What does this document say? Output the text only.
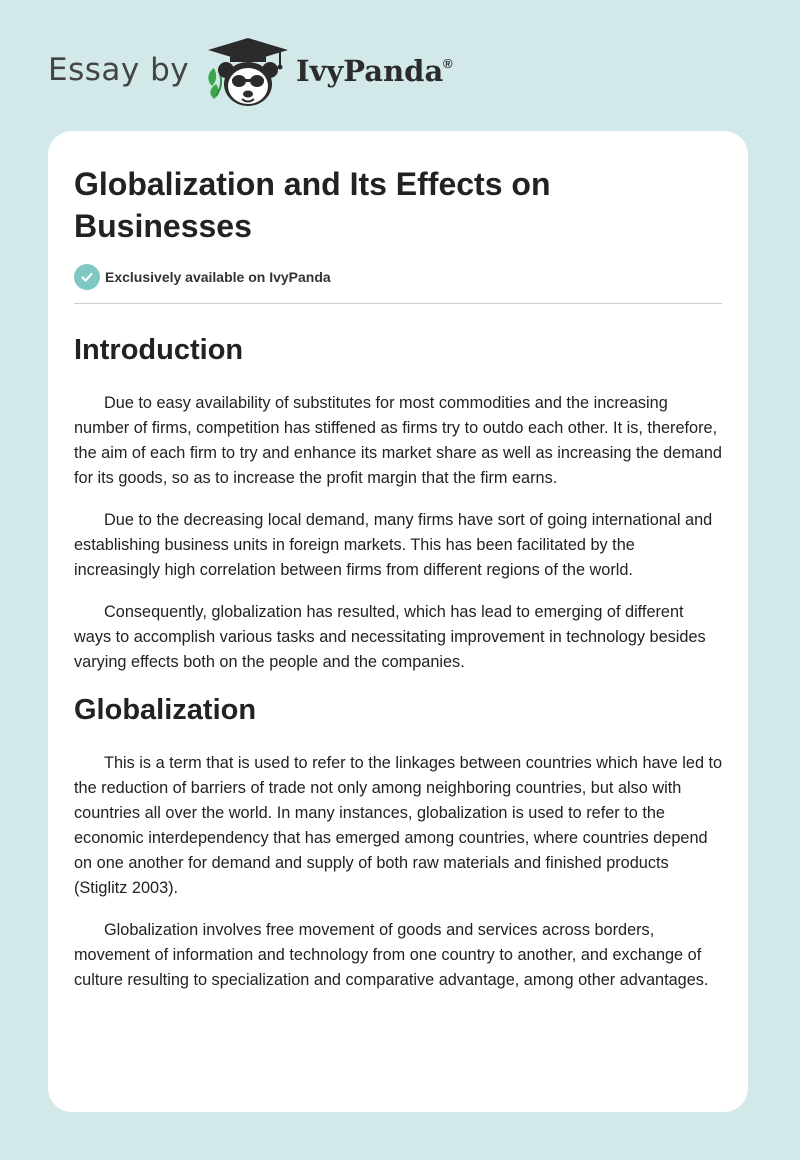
Essay by	IvyPanda ®
Globalization and Its Effects on Businesses
Exclusively available on IvyPanda
Introduction

Due to easy availability of substitutes for most commodities and the increasing number of firms, competition has stiffened as firms try to outdo each other. It is, therefore, the aim of each firm to try and enhance its market share as well as increasing the demand for its goods, so as to increase the profit margin that the firm earns.

Due to the decreasing local demand, many firms have sort of going international and establishing business units in foreign markets. This has been facilitated by the increasingly high correlation between firms from different regions of the world.

Consequently, globalization has resulted, which has lead to emerging of different ways to accomplish various tasks and necessitating improvement in technology besides varying effects both on the people and the companies.

Globalization

This is a term that is used to refer to the linkages between countries which have led to the reduction of barriers of trade not only among neighboring countries, but also with countries all over the world. In many instances, globalization is used to refer to the economic interdependency that has emerged among countries, where countries depend on one another for demand and supply of both raw materials and finished products (Stiglitz 2003).

Globalization involves free movement of goods and services across borders, movement of information and technology from one country to another, and exchange of culture resulting to specialization and comparative advantage, among other advantages.
